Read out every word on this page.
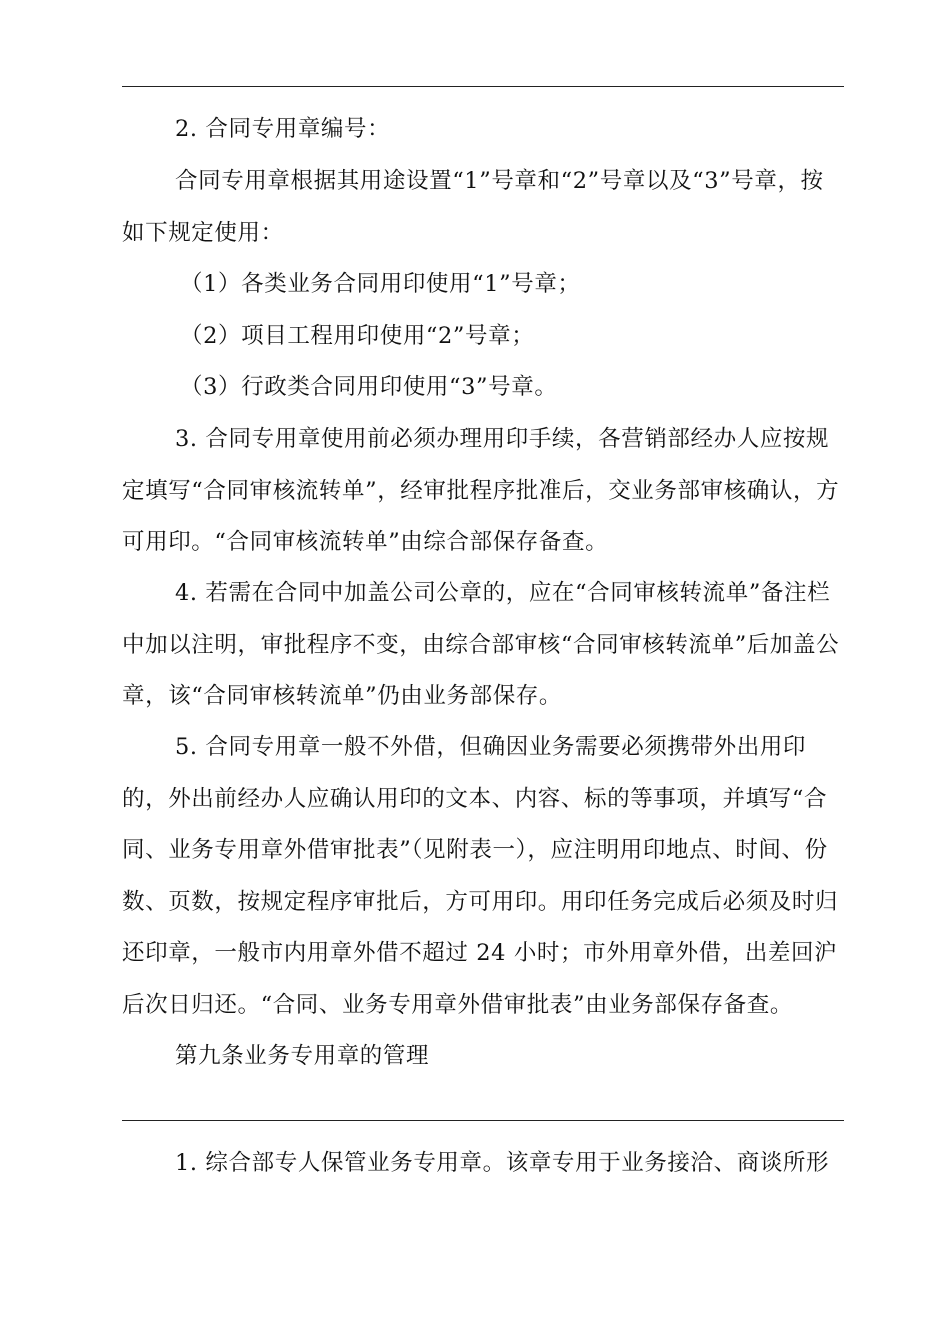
2. 合同专用章编号：

合同专用章根据其用途设置“1”号章和“2”号章以及“3”号章，按如下规定使用：

（1）各类业务合同用印使用“1”号章；

（2）项目工程用印使用“2”号章；

（3）行政类合同用印使用“3”号章。

3. 合同专用章使用前必须办理用印手续，各营销部经办人应按规定填写“合同审核流转单”，经审批程序批准后，交业务部审核确认，方可用印。“合同审核流转单”由综合部保存备查。

4. 若需在合同中加盖公司公章的，应在“合同审核转流单”备注栏中加以注明，审批程序不变，由综合部审核“合同审核转流单”后加盖公章，该“合同审核转流单”仍由业务部保存。

5. 合同专用章一般不外借，但确因业务需要必须携带外出用印的，外出前经办人应确认用印的文本、内容、标的等事项，并填写“合同、业务专用章外借审批表”（见附表一），应注明用印地点、时间、份数、页数，按规定程序审批后，方可用印。用印任务完成后必须及时归还印章，一般市内用章外借不超过 24 小时；市外用章外借，出差回沪后次日归还。“合同、业务专用章外借审批表”由业务部保存备查。

第九条业务专用章的管理

1. 综合部专人保管业务专用章。该章专用于业务接洽、商谈所形
